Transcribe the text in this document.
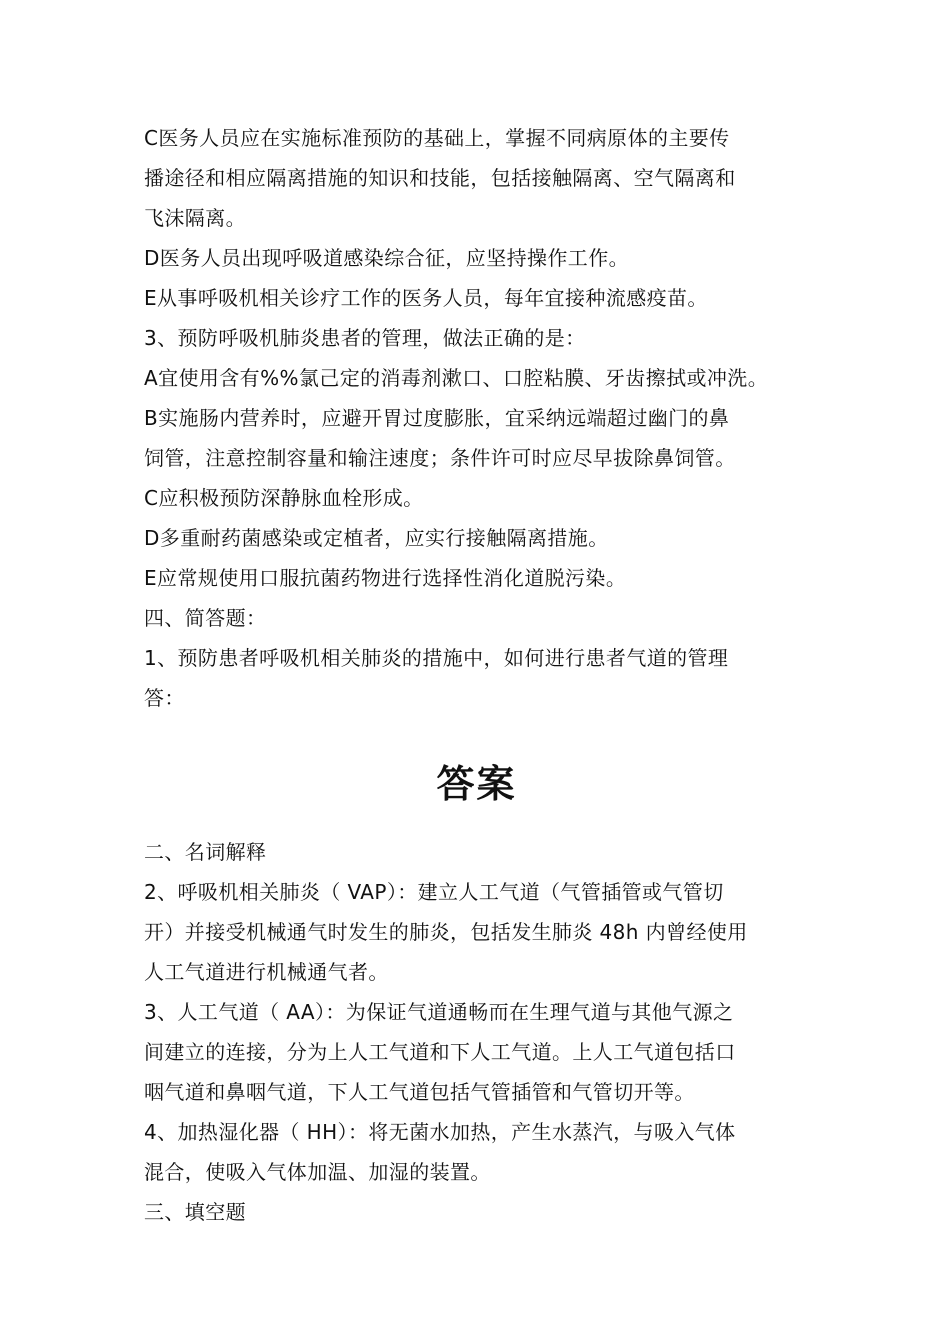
C医务人员应在实施标准预防的基础上，掌握不同病原体的主要传
播途径和相应隔离措施的知识和技能，包括接触隔离、空气隔离和
飞沫隔离。
D医务人员出现呼吸道感染综合征，应坚持操作工作。
E从事呼吸机相关诊疗工作的医务人员，每年宜接种流感疫苗。
3、预防呼吸机肺炎患者的管理，做法正确的是：
A宜使用含有%%氯己定的消毒剂漱口、口腔粘膜、牙齿擦拭或冲洗。
B实施肠内营养时，应避开胃过度膨胀，宜采纳远端超过幽门的鼻
饲管，注意控制容量和输注速度；条件许可时应尽早拔除鼻饲管。
C应积极预防深静脉血栓形成。
D多重耐药菌感染或定植者，应实行接触隔离措施。
E应常规使用口服抗菌药物进行选择性消化道脱污染。
四、简答题：
1、预防患者呼吸机相关肺炎的措施中，如何进行患者气道的管理
答：
答案
二、名词解释
2、呼吸机相关肺炎（ VAP）：建立人工气道（气管插管或气管切
开）并接受机械通气时发生的肺炎，包括发生肺炎 48h 内曾经使用
人工气道进行机械通气者。
3、人工气道（ AA）：为保证气道通畅而在生理气道与其他气源之
间建立的连接，分为上人工气道和下人工气道。上人工气道包括口
咽气道和鼻咽气道，下人工气道包括气管插管和气管切开等。
4、加热湿化器（ HH）：将无菌水加热，产生水蒸汽，与吸入气体
混合，使吸入气体加温、加湿的装置。
三、填空题
